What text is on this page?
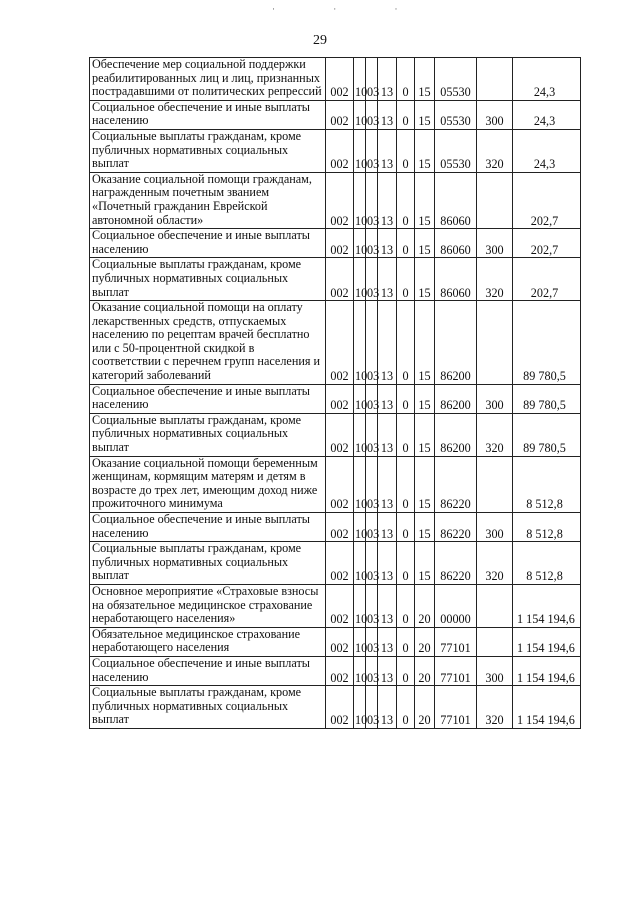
· · ·
29
Обеспечение мер социальной поддержки реабилитированных лиц и лиц, признанных пострадавшими от политических репрессий	002	10	03	13	0	15	05530		24,3
Социальное обеспечение и иные выплаты населению	002	10	03	13	0	15	05530	300	24,3
Социальные выплаты гражданам, кроме публичных нормативных социальных выплат	002	10	03	13	0	15	05530	320	24,3
Оказание социальной помощи гражданам, награжденным почетным званием «Почетный гражданин Еврейской автономной области»	002	10	03	13	0	15	86060		202,7
Социальное обеспечение и иные выплаты населению	002	10	03	13	0	15	86060	300	202,7
Социальные выплаты гражданам, кроме публичных нормативных социальных выплат	002	10	03	13	0	15	86060	320	202,7
Оказание социальной помощи на оплату лекарственных средств, отпускаемых населению по рецептам врачей бесплатно или с 50-процентной скидкой в соответствии с перечнем групп населения и категорий заболеваний	002	10	03	13	0	15	86200		89 780,5
Социальное обеспечение и иные выплаты населению	002	10	03	13	0	15	86200	300	89 780,5
Социальные выплаты гражданам, кроме публичных нормативных социальных выплат	002	10	03	13	0	15	86200	320	89 780,5
Оказание социальной помощи беременным женщинам, кормящим матерям и детям в возрасте до трех лет, имеющим доход ниже прожиточного минимума	002	10	03	13	0	15	86220		8 512,8
Социальное обеспечение и иные выплаты населению	002	10	03	13	0	15	86220	300	8 512,8
Социальные выплаты гражданам, кроме публичных нормативных социальных выплат	002	10	03	13	0	15	86220	320	8 512,8
Основное мероприятие «Страховые взносы на обязательное медицинское страхование неработающего населения»	002	10	03	13	0	20	00000		1 154 194,6
Обязательное медицинское страхование неработающего населения	002	10	03	13	0	20	77101		1 154 194,6
Социальное обеспечение и иные выплаты населению	002	10	03	13	0	20	77101	300	1 154 194,6
Социальные выплаты гражданам, кроме публичных нормативных социальных выплат	002	10	03	13	0	20	77101	320	1 154 194,6
